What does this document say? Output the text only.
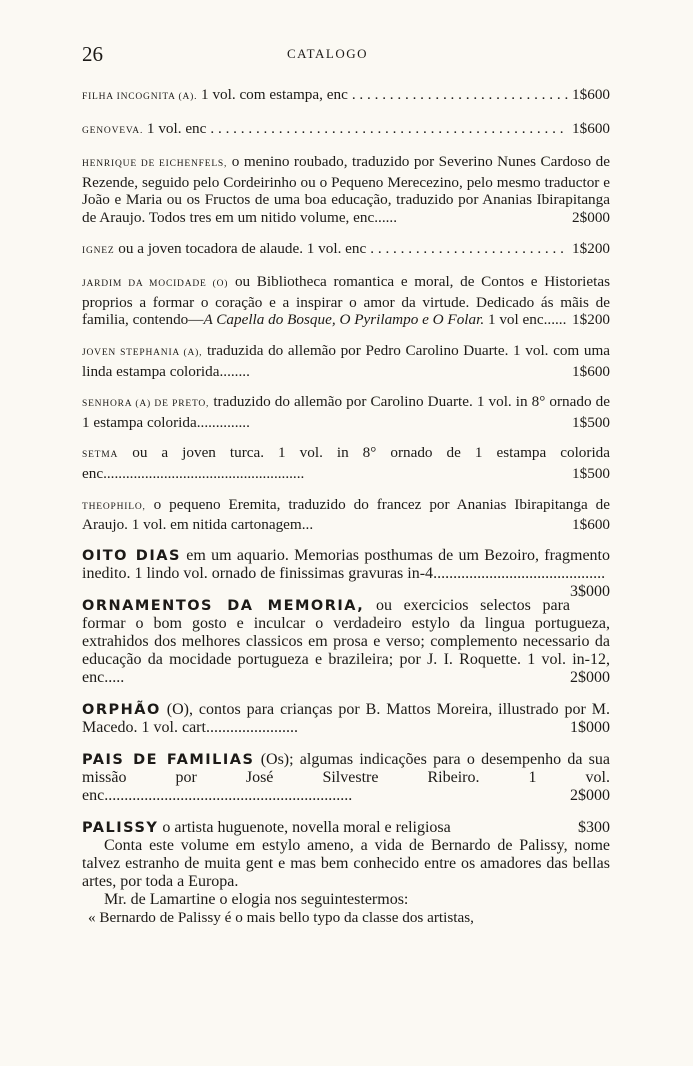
26	CATALOGO
FILHA INCOGNITA (A). 1 vol. com estampa, enc . . .	1$600
GENOVEVA. 1 vol. enc . . .	1$600
HENRIQUE DE EICHENFELS, o menino roubado, traduzido por Severino Nunes Cardoso de Rezende, seguido pelo Cordeirinho ou o Pequeno Merecezino, pelo mesmo traductor e João e Maria ou os Fructos de uma boa educação, traduzido por Ananias Ibirapitanga de Araujo. Todos tres em um nitido volume, enc......	2$000
IGNEZ ou a joven tocadora de alaude. 1 vol. enc . . .	1$200
JARDIM DA MOCIDADE (O) ou Bibliotheca romantica e moral, de Contos e Historietas proprios a formar o coração e a inspirar o amor da virtude. Dedicado ás mãis de familia, contendo—A Capella do Bosque, O Pyrilampo e O Folar. 1 vol enc...... 1$200
JOVEN STEPHANIA (A), traduzida do allemão por Pedro Carolino Duarte. 1 vol. com uma linda estampa colorida........	1$600
SENHORA (A) DE PRETO, traduzido do allemão por Carolino Duarte. 1 vol. in 8° ornado de 1 estampa colorida..............	1$500
SETMA ou a joven turca. 1 vol. in 8° ornado de 1 estampa colorida enc.....................................................	1$500
THEOPHILO, o pequeno Eremita, traduzido do francez por Ananias Ibirapitanga de Araujo. 1 vol. em nitida cartonagem...	1$600
OITO DIAS em um aquario. Memorias posthumas de um Bezoiro, fragmento inedito. 1 lindo vol. ornado de finissimas gravuras in-4...........................................
3$000
ORNAMENTOS DA MEMORIA, ou exercicios selectos para formar o bom gosto e inculcar o verdadeiro estylo da lingua portugueza, extrahidos dos melhores classicos em prosa e verso; complemento necessario da educação da mocidade portugueza e brazileira; por J. I. Roquette. 1 vol. in-12, enc.....	2$000
ORPHÃO (O), contos para crianças por B. Mattos Moreira, illustrado por M. Macedo. 1 vol. cart.......................	1$000
PAIS DE FAMILIAS (Os); algumas indicações para o desempenho da sua missão por José Silvestre Ribeiro. 1 vol. enc..............................................................	2$000
PALISSY o artista huguenote, novella moral e religiosa	$300
Conta este volume em estylo ameno, a vida de Bernardo de Palissy, nome talvez estranho de muita gent e mas bem conhecido entre os amadores das bellas artes, por toda a Europa.
Mr. de Lamartine o elogia nos seguintestermos:
« Bernardo de Palissy é o mais bello typo da classe dos artistas,
